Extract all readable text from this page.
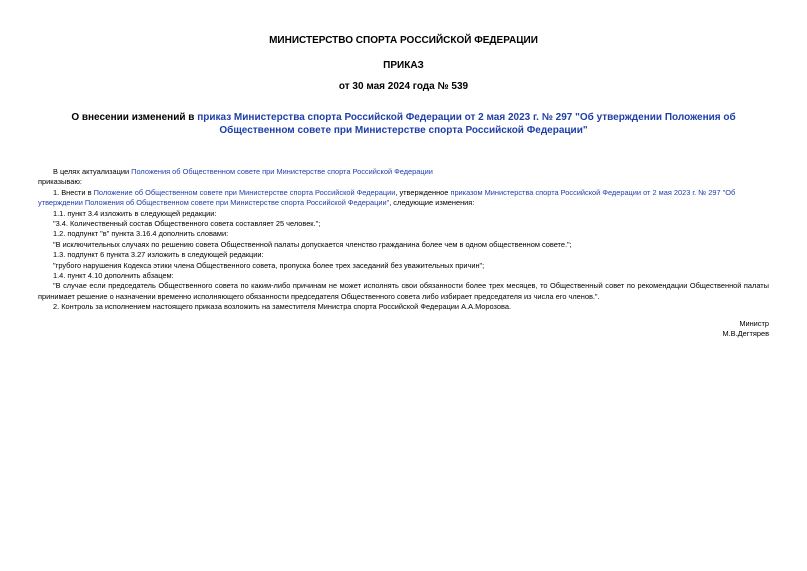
МИНИСТЕРСТВО СПОРТА РОССИЙСКОЙ ФЕДЕРАЦИИ
ПРИКАЗ
от 30 мая 2024 года № 539
О внесении изменений в приказ Министерства спорта Российской Федерации от 2 мая 2023 г. № 297 "Об утверждении Положения об Общественном совете при Министерстве спорта Российской Федерации"

В целях актуализации Положения об Общественном совете при Министерстве спорта Российской Федерации

приказываю:

1. Внести в Положение об Общественном совете при Министерстве спорта Российской Федерации, утвержденное приказом Министерства спорта Российской Федерации от 2 мая 2023 г. № 297 "Об утверждении Положения об Общественном совете при Министерстве спорта Российской Федерации", следующие изменения:

1.1. пункт 3.4 изложить в следующей редакции:

"3.4. Количественный состав Общественного совета составляет 25 человек.";

1.2. подпункт "в" пункта 3.16.4 дополнить словами:

"В исключительных случаях по решению совета Общественной палаты допускается членство гражданина более чем в одном общественном совете.";

1.3. подпункт 6 пункта 3.27 изложить в следующей редакции:

"грубого нарушения Кодекса этики члена Общественного совета, пропуска более трех заседаний без уважительных причин";

1.4. пункт 4.10 дополнить абзацем:

"В случае если председатель Общественного совета по каким-либо причинам не может исполнять свои обязанности более трех месяцев, то Общественный совет по рекомендации Общественной палаты принимает решение о назначении временно исполняющего обязанности председателя Общественного совета либо избирает председателя из числа его членов.".

2. Контроль за исполнением настоящего приказа возложить на заместителя Министра спорта Российской Федерации А.А.Морозова.

Министр
М.В.Дегтярев
